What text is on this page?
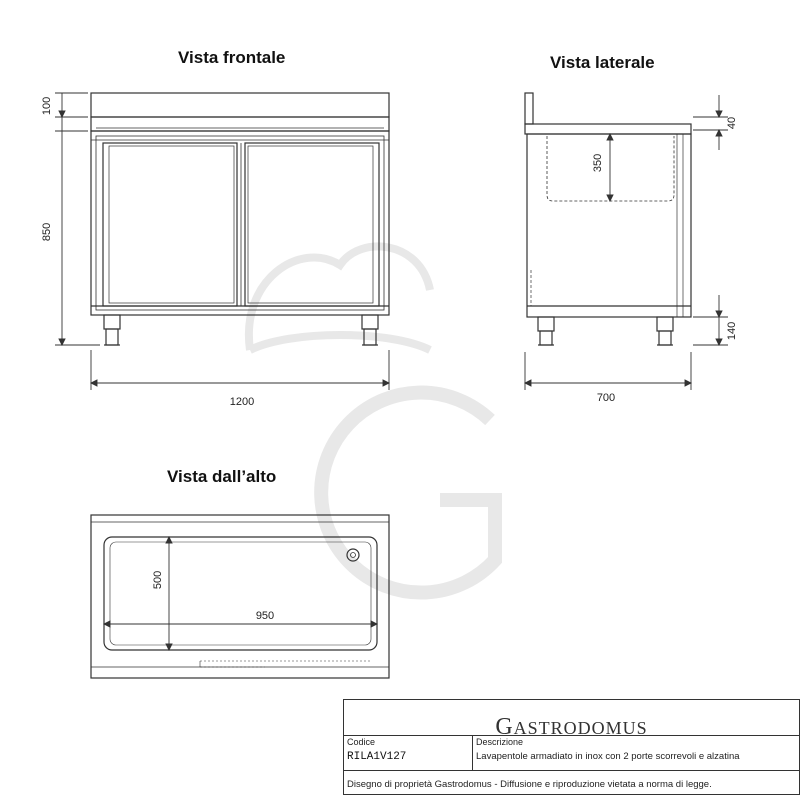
100
850
1200
40
350
140
700
500
950
Vista frontale	Vista laterale
Vista dall’alto
GASTRODOMUS
Codice
RILA1V127
Descrizione
Lavapentole armadiato in inox con 2 porte scorrevoli e alzatina
Disegno di proprietà Gastrodomus - Diffusione e riproduzione vietata a norma di legge.
